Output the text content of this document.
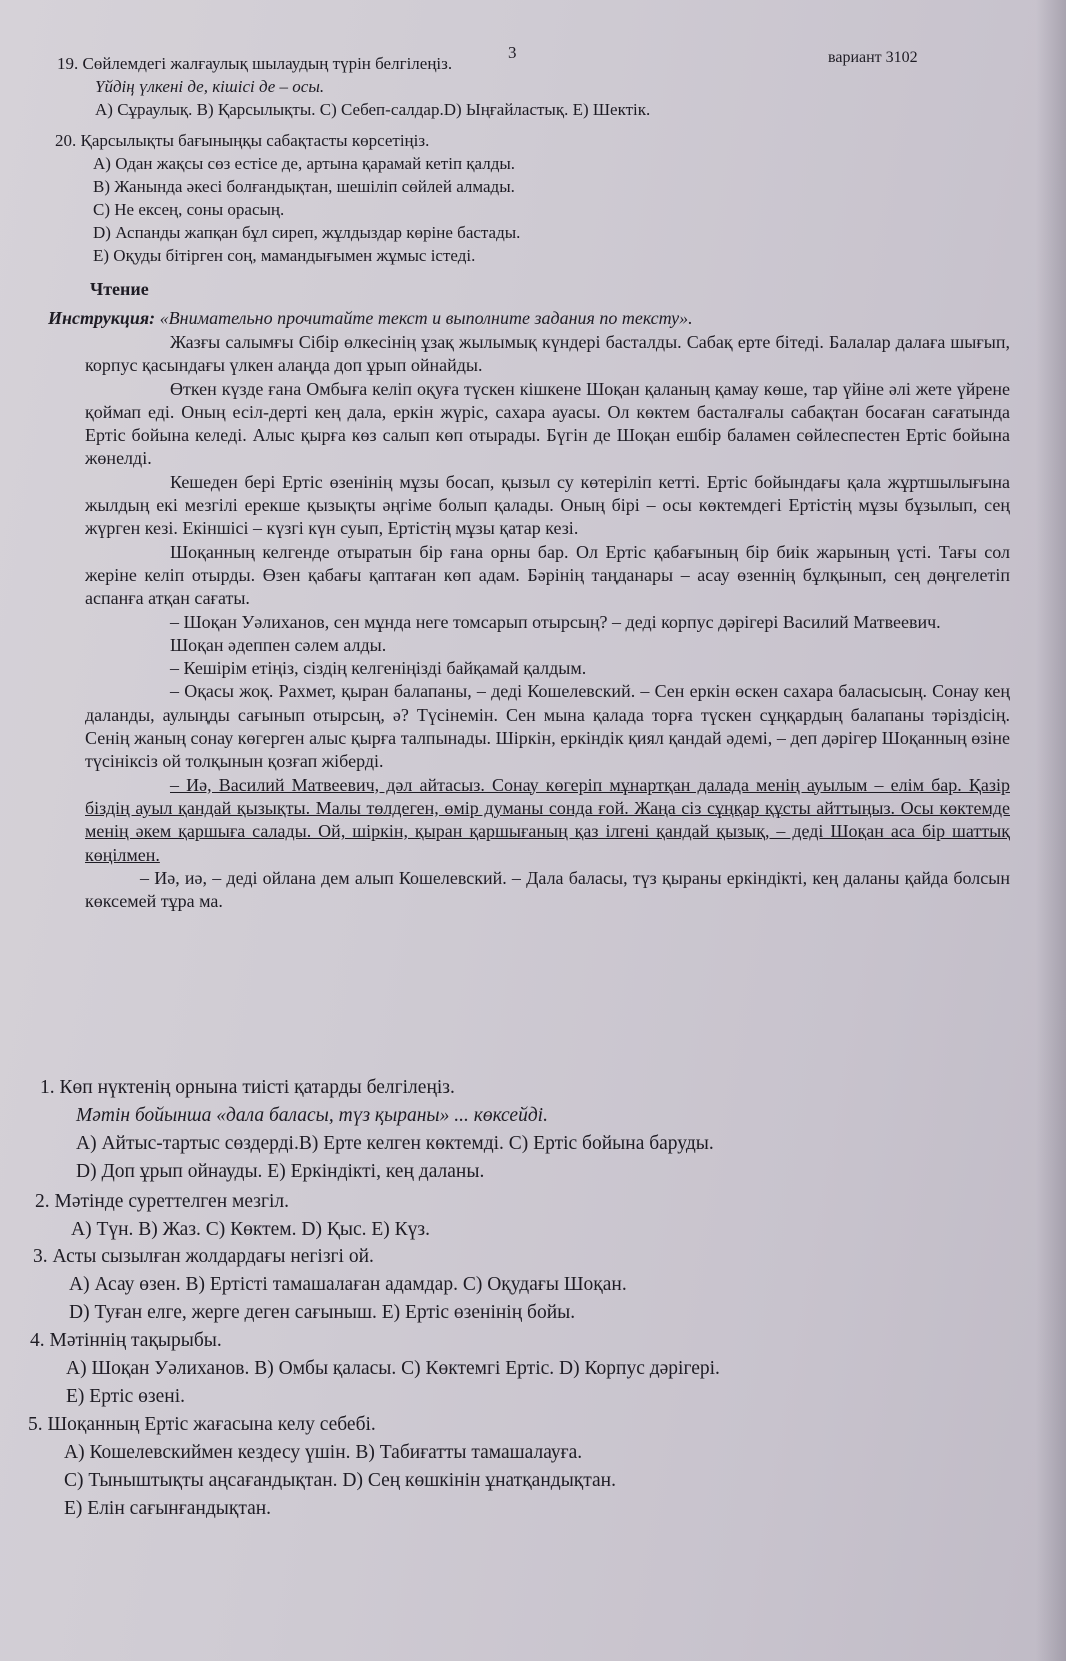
3	вариант 3102
19. Сөйлемдегі жалғаулық шылаудың түрін белгілеңіз.
Үйдің үлкені де, кішісі де – осы.
А) Сұраулық. В) Қарсылықты. С) Себеп-салдар.D) Ыңғайластық. Е) Шектік.
20. Қарсылықты бағыныңқы сабақтасты көрсетіңіз.
А) Одан жақсы сөз естісе де, артына қарамай кетіп қалды.
В) Жанында әкесі болғандықтан, шешіліп сөйлей алмады.
С) Не ексең, соны орасың.
D) Аспанды жапқан бұл сиреп, жұлдыздар көріне бастады.
Е) Оқуды бітірген соң, мамандығымен жұмыс істеді.
Чтение
Инструкция: «Внимательно прочитайте текст и выполните задания по тексту».

Жазғы салымғы Сібір өлкесінің ұзақ жылымық күндері басталды. Сабақ ерте бітеді. Балалар далаға шығып, корпус қасындағы үлкен алаңда доп ұрып ойнайды.

Өткен күзде ғана Омбыға келіп оқуға түскен кішкене Шоқан қаланың қамау көше, тар үйіне әлі жете үйрене қоймап еді. Оның есіл-дерті кең дала, еркін жүріс, сахара ауасы. Ол көктем басталғалы сабақтан босаған сағатында Ертіс бойына келеді. Алыс қырға көз салып көп отырады. Бүгін де Шоқан ешбір баламен сөйлеспестен Ертіс бойына жөнелді.

Кешеден бері Ертіс өзенінің мұзы босап, қызыл су көтеріліп кетті. Ертіс бойындағы қала жұртшылығына жылдың екі мезгілі ерекше қызықты әңгіме болып қалады. Оның бірі – осы көктемдегі Ертістің мұзы бұзылып, сең жүрген кезі. Екіншісі – күзгі күн суып, Ертістің мұзы қатар кезі.

Шоқанның келгенде отыратын бір ғана орны бар. Ол Ертіс қабағының бір биік жарының үсті. Тағы сол жеріне келіп отырды. Өзен қабағы қаптаған көп адам. Бәрінің таңданары – асау өзеннің бұлқынып, сең дөңгелетіп аспанға атқан сағаты.

– Шоқан Уәлиханов, сен мұнда неге томсарып отырсың? – деді корпус дәрігері Василий Матвеевич.

Шоқан әдеппен сәлем алды.

– Кешірім етіңіз, сіздің келгеніңізді байқамай қалдым.

– Оқасы жоқ. Рахмет, қыран балапаны, – деді Кошелевский. – Сен еркін өскен сахара баласысың. Сонау кең даланды, аулыңды сағынып отырсың, ә? Түсінемін. Сен мына қалада торға түскен сұңқардың балапаны тәріздісің. Сенің жаның сонау көгерген алыс қырға талпынады. Шіркін, еркіндік қиял қандай әдемі, – деп дәрігер Шоқанның өзіне түсініксіз ой толқынын қозғап жіберді.

– Иә, Василий Матвеевич, дәл айтасыз. Сонау көгеріп мұнартқан далада менің ауылым – елім бар. Қазір біздің ауыл қандай қызықты. Малы төлдеген, өмір думаны сонда ғой. Жаңа сіз сұңқар құсты айттыңыз. Осы көктемде менің әкем қаршыға салады. Ой, шіркін, қыран қаршығаның қаз ілгені қандай қызық, – деді Шоқан аса бір шаттық көңілмен.

– Иә, иә, – деді ойлана дем алып Кошелевский. – Дала баласы, түз қыраны еркіндікті, кең даланы қайда болсын көксемей тұра ма.

1. Көп нүктенің орнына тиісті қатарды белгілеңіз.
Мәтін бойынша «дала баласы, түз қыраны» ... көксейді.
А) Айтыс-тартыс сөздерді.В) Ерте келген көктемді. С) Ертіс бойына баруды.
D) Доп ұрып ойнауды. Е) Еркіндікті, кең даланы.
2. Мәтінде суреттелген мезгіл.
А) Түн. В) Жаз. С) Көктем. D) Қыс. Е) Күз.
3. Асты сызылған жолдардағы негізгі ой.
А) Асау өзен. В) Ертісті тамашалаған адамдар. С) Оқудағы Шоқан.
D) Туған елге, жерге деген сағыныш. Е) Ертіс өзенінің бойы.
4. Мәтіннің тақырыбы.
А) Шоқан Уәлиханов. В) Омбы қаласы. С) Көктемгі Ертіс. D) Корпус дәрігері.
Е) Ертіс өзені.
5. Шоқанның Ертіс жағасына келу себебі.
А) Кошелевскиймен кездесу үшін. В) Табиғатты тамашалауға.
С) Тыныштықты аңсағандықтан. D) Сең көшкінін ұнатқандықтан.
Е) Елін сағынғандықтан.
